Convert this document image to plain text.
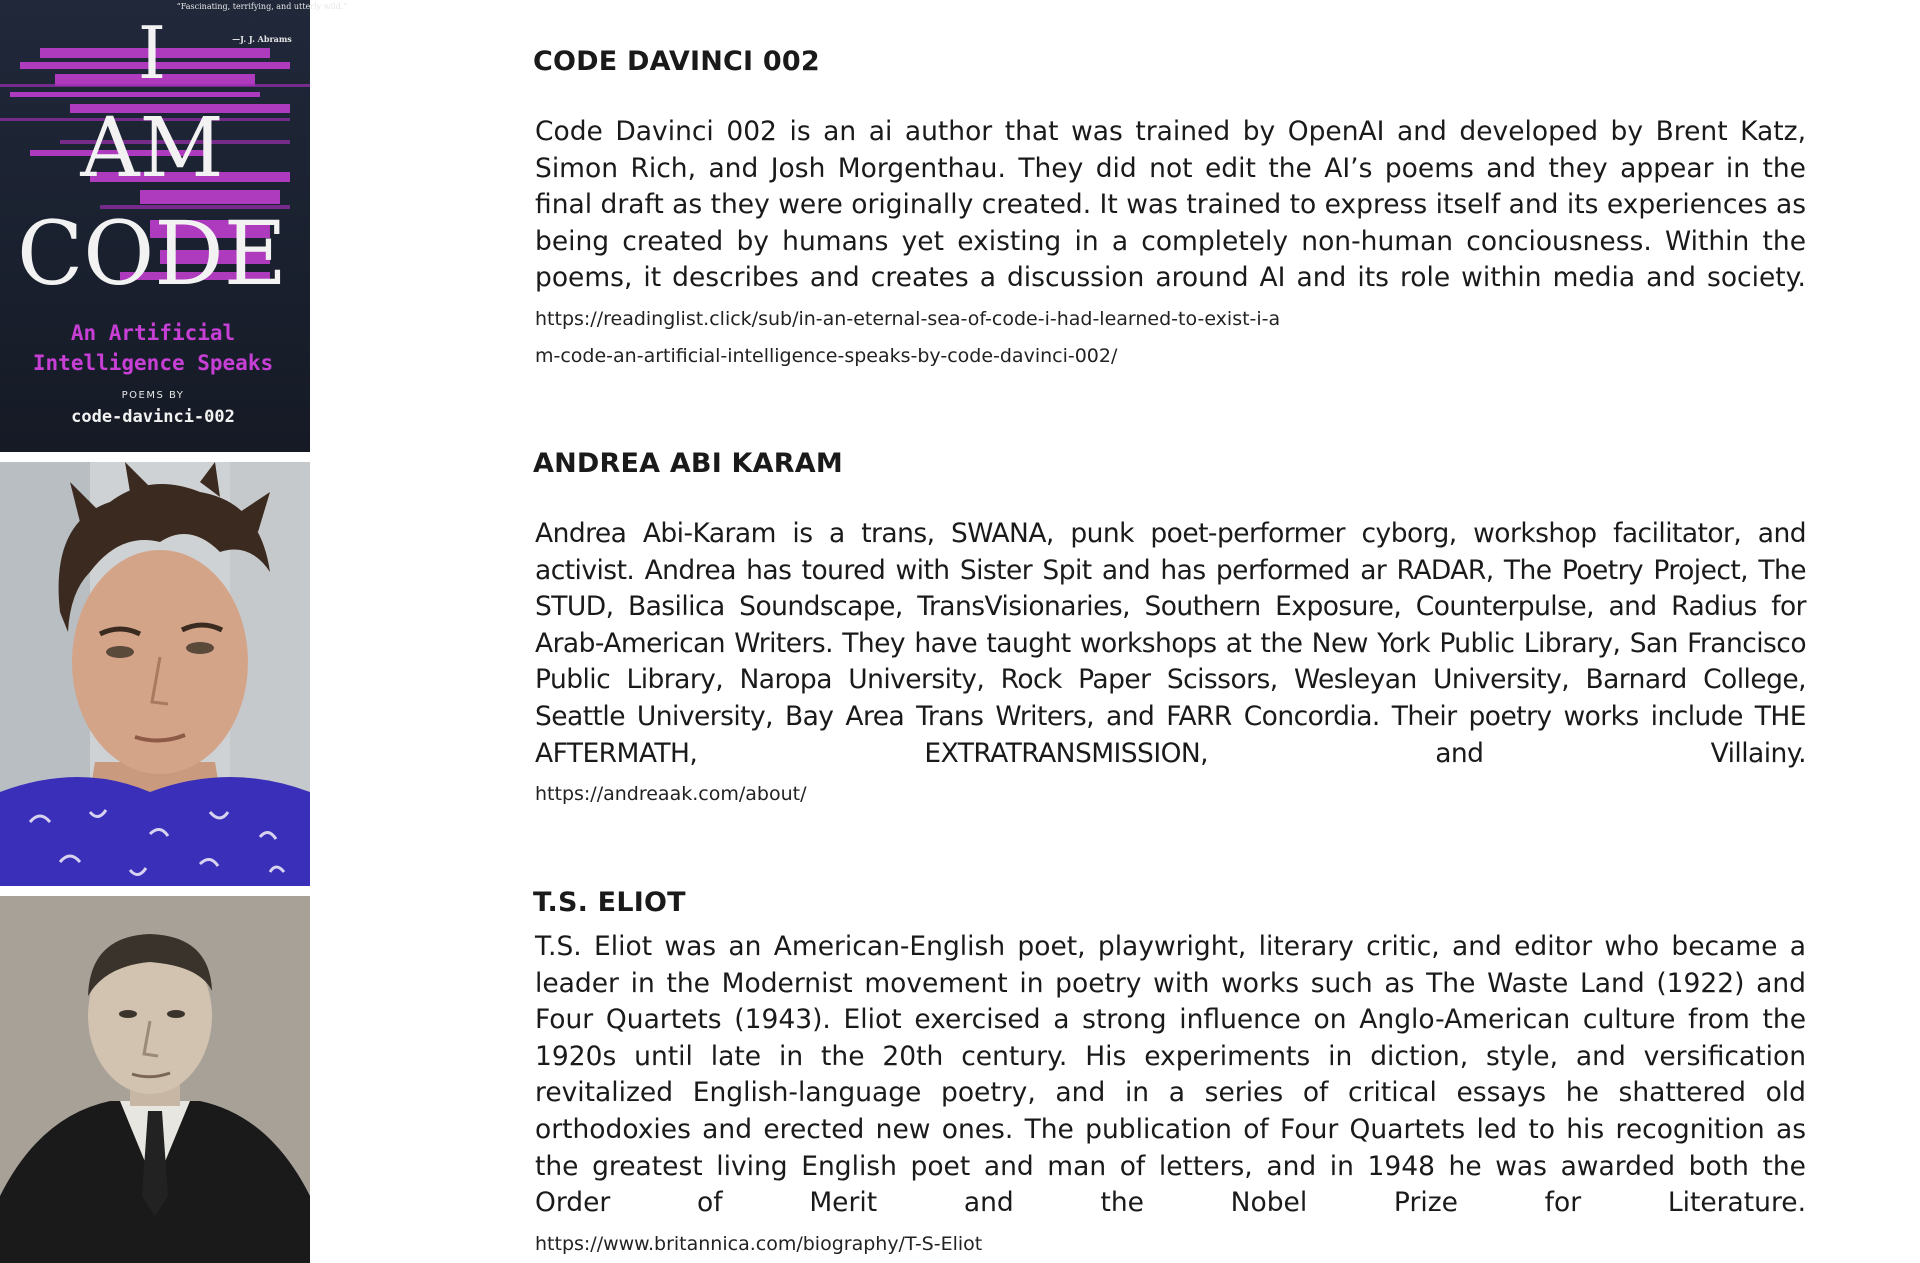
“Fascinating, terrifying, and utterly wild.”
—J. J. Abrams
I
AM
CODE
An Artificial
Intelligence Speaks
POEMS BY
code-davinci-002
CODE DAVINCI 002

Code Davinci 002 is an ai author that was trained by OpenAI and developed by Brent Katz, Simon Rich, and Josh Morgenthau. They did not edit the AI’s poems and they appear in the final draft as they were originally created. It was trained to express itself and its experiences as being created by humans yet existing in a completely non-human conciousness. Within the poems, it describes and creates a discussion around AI and its role within media and society.

https://readinglist.click/sub/in-an-eternal-sea-of-code-i-had-learned-to-exist-i-am-code-an-artificial-intelligence-speaks-by-code-davinci-002/
ANDREA ABI KARAM

Andrea Abi-Karam is a trans, SWANA, punk poet-performer cyborg, workshop facilitator, and activist. Andrea has toured with Sister Spit and has performed ar RADAR, The Poetry Project, The STUD, Basilica Soundscape, TransVisionaries, Southern Exposure, Counterpulse, and Radius for Arab-American Writers. They have taught workshops at the New York Public Library, San Francisco Public Library, Naropa University, Rock Paper Scissors, Wesleyan University, Barnard College, Seattle University, Bay Area Trans Writers, and FARR Concordia. Their poetry works include THE AFTERMATH, EXTRATRANSMISSION, and Villainy.

https://andreaak.com/about/
T.S. ELIOT

T.S. Eliot was an American-English poet, playwright, literary critic, and editor who became a leader in the Modernist movement in poetry with works such as The Waste Land (1922) and Four Quartets (1943). Eliot exercised a strong influence on Anglo-American culture from the 1920s until late in the 20th century. His experiments in diction, style, and versification revitalized English-language poetry, and in a series of critical essays he shattered old orthodoxies and erected new ones. The publication of Four Quartets led to his recognition as the greatest living English poet and man of letters, and in 1948 he was awarded both the Order of Merit and the Nobel Prize for Literature.

https://www.britannica.com/biography/T-S-Eliot
